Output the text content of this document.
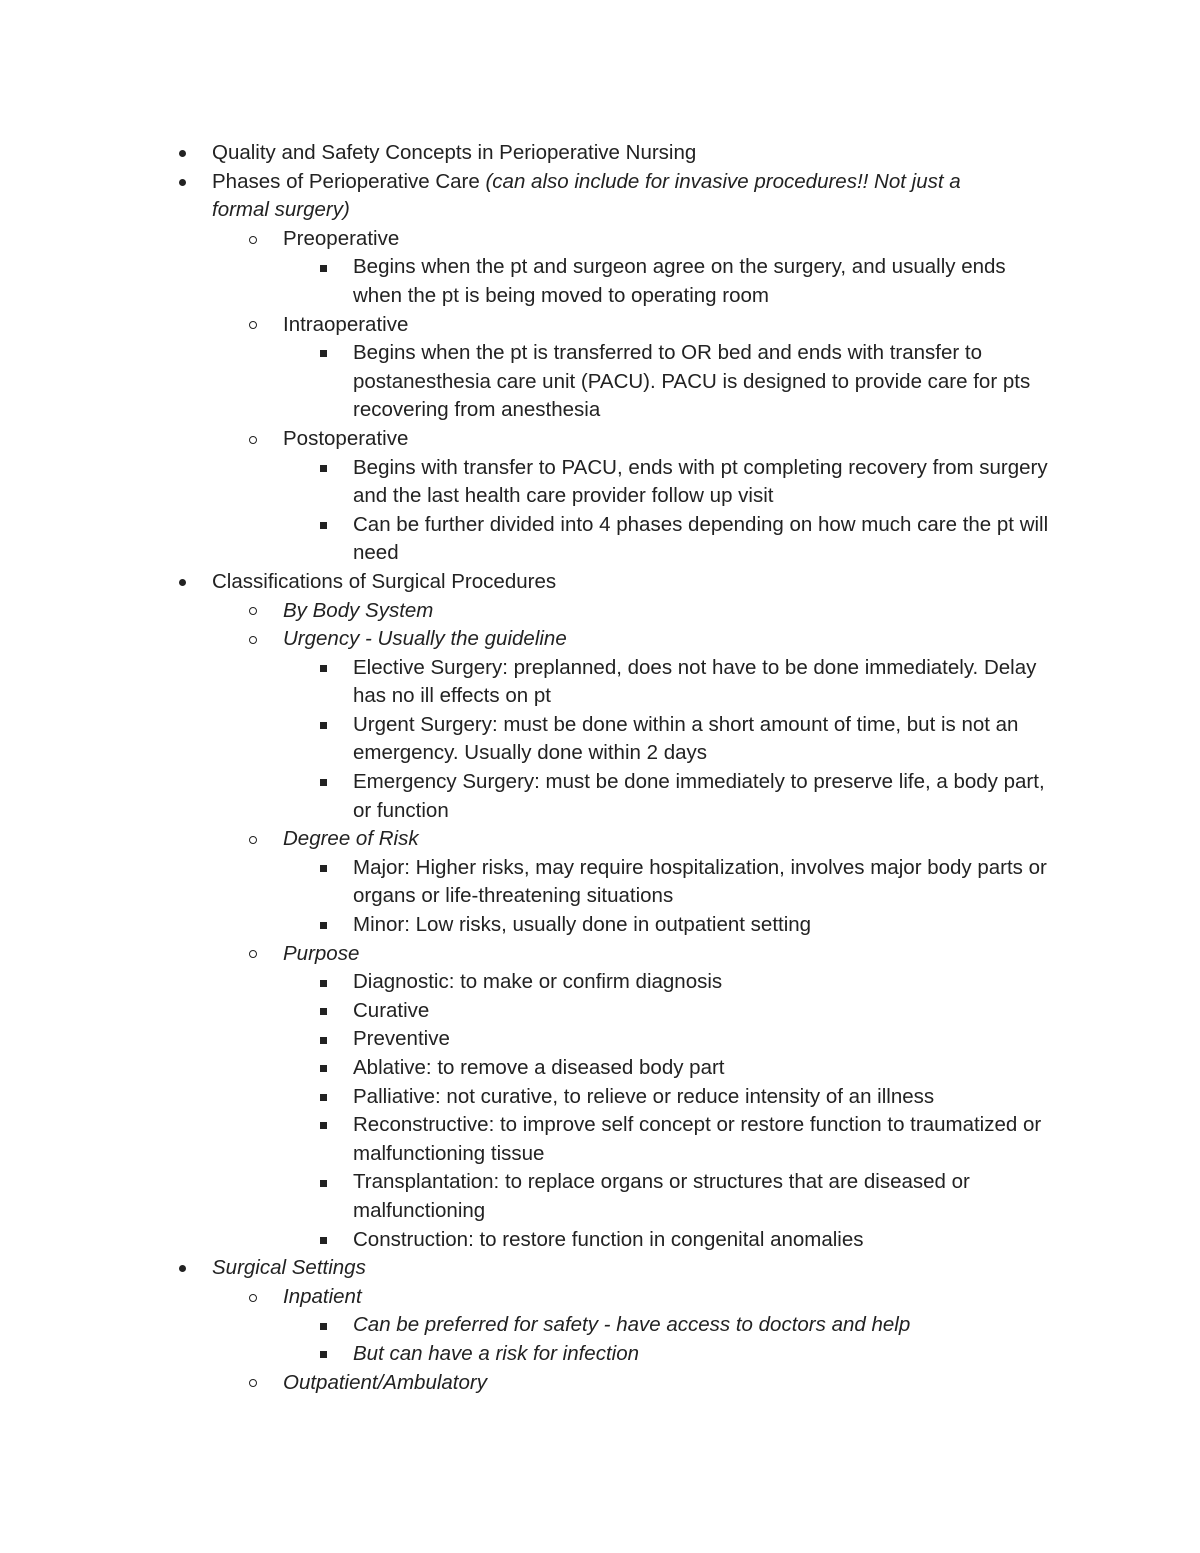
Quality and Safety Concepts in Perioperative Nursing
Phases of Perioperative Care (can also include for invasive procedures!! Not just a formal surgery)
Preoperative
Begins when the pt and surgeon agree on the surgery, and usually ends when the pt is being moved to operating room
Intraoperative
Begins when the pt is transferred to OR bed and ends with transfer to postanesthesia care unit (PACU). PACU is designed to provide care for pts recovering from anesthesia
Postoperative
Begins with transfer to PACU, ends with pt completing recovery from surgery and the last health care provider follow up visit
Can be further divided into 4 phases depending on how much care the pt will need
Classifications of Surgical Procedures
By Body System
Urgency - Usually the guideline
Elective Surgery: preplanned, does not have to be done immediately. Delay has no ill effects on pt
Urgent Surgery: must be done within a short amount of time, but is not an emergency. Usually done within 2 days
Emergency Surgery: must be done immediately to preserve life, a body part, or function
Degree of Risk
Major: Higher risks, may require hospitalization, involves major body parts or organs or life-threatening situations
Minor: Low risks, usually done in outpatient setting
Purpose
Diagnostic: to make or confirm diagnosis
Curative
Preventive
Ablative: to remove a diseased body part
Palliative: not curative, to relieve or reduce intensity of an illness
Reconstructive: to improve self concept or restore function to traumatized or malfunctioning tissue
Transplantation: to replace organs or structures that are diseased or malfunctioning
Construction: to restore function in congenital anomalies
Surgical Settings
Inpatient
Can be preferred for safety - have access to doctors and help
But can have a risk for infection
Outpatient/Ambulatory
